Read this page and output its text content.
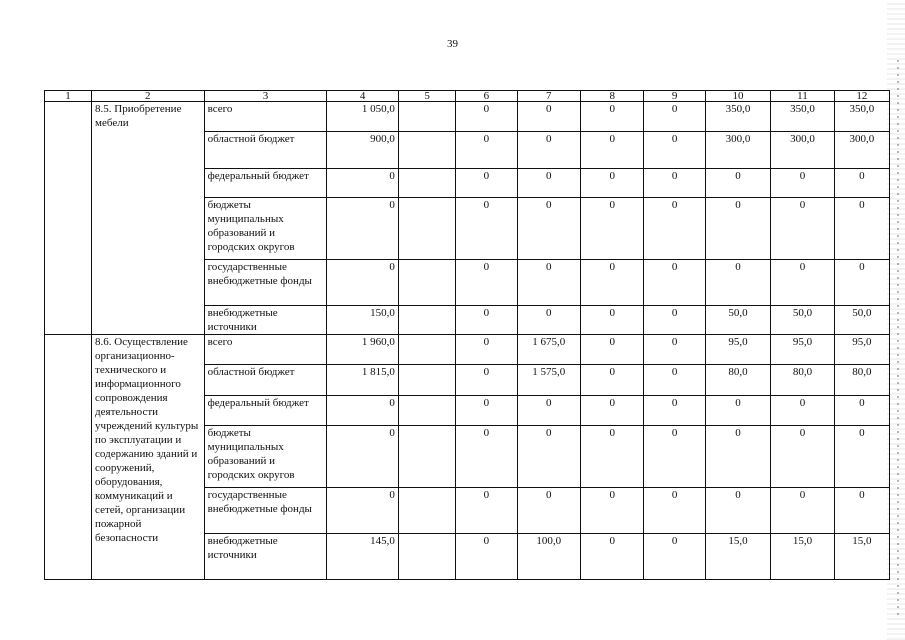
39
1	2	3	4	5	6	7	8	9	10	11	12
	8.5. Приобретение мебели	всего	1 050,0		0	0	0	0	350,0	350,0	350,0
		областной бюджет	900,0		0	0	0	0	300,0	300,0	300,0
		федеральный бюджет	0		0	0	0	0	0	0	0
		бюджеты муниципальных образований и городских округов	0		0	0	0	0	0	0	0
		государственные внебюджетные фонды	0		0	0	0	0	0	0	0
		внебюджетные источники	150,0		0	0	0	0	50,0	50,0	50,0
	8.6. Осуществление организационно-технического и информационного сопровождения деятельности учреждений культуры по эксплуатации и содержанию зданий и сооружений, оборудования, коммуникаций и сетей, организации пожарной безопасности	всего	1 960,0		0	1 675,0	0	0	95,0	95,0	95,0
		областной бюджет	1 815,0		0	1 575,0	0	0	80,0	80,0	80,0
		федеральный бюджет	0		0	0	0	0	0	0	0
		бюджеты муниципальных образований и городских округов	0		0	0	0	0	0	0	0
		государственные внебюджетные фонды	0		0	0	0	0	0	0	0
		внебюджетные источники	145,0		0	100,0	0	0	15,0	15,0	15,0
